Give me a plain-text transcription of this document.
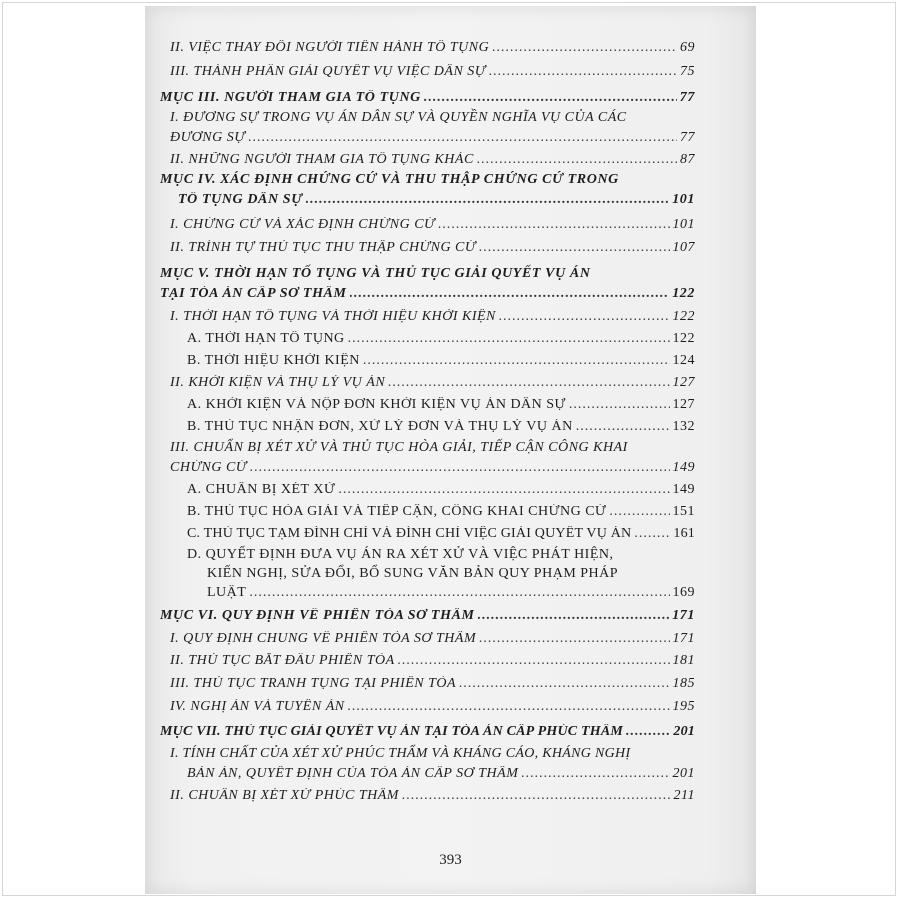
II. VIỆC THAY ĐỔI NGƯỜI TIẾN HÀNH TỐ TỤNG .....	69
III. THÀNH PHẦN GIẢI QUYẾT VỤ VIỆC DÂN SỰ .....	75
MỤC III. NGƯỜI THAM GIA TỐ TỤNG .....	77
I. ĐƯƠNG SỰ TRONG VỤ ÁN DÂN SỰ VÀ QUYỀN NGHĨA VỤ CỦA CÁC
ĐƯƠNG SỰ .....	77
II. NHỮNG NGƯỜI THAM GIA TỐ TỤNG KHÁC .....	87
MỤC IV. XÁC ĐỊNH CHỨNG CỨ VÀ THU THẬP CHỨNG CỨ TRONG
TỐ TỤNG DÂN SỰ .....	101
I. CHỨNG CỨ VÀ XÁC ĐỊNH CHỨNG CỨ .....	101
II. TRÌNH TỰ THỦ TỤC THU THẬP CHỨNG CỨ .....	107
MỤC V. THỜI HẠN TỐ TỤNG VÀ THỦ TỤC GIẢI QUYẾT VỤ ÁN
TẠI TÒA ÁN CẤP SƠ THẨM .....	122
I. THỜI HẠN TỐ TỤNG VÀ THỜI HIỆU KHỞI KIỆN .....	122
A. THỜI HẠN TỐ TỤNG .....	122
B. THỜI HIỆU KHỞI KIỆN .....	124
II. KHỞI KIỆN VÀ THỤ LÝ VỤ ÁN .....	127
A. KHỞI KIỆN VÀ NỘP ĐƠN KHỞI KIỆN VỤ ÁN DÂN SỰ .....	127
B. THỦ TỤC NHẬN ĐƠN, XỬ LÝ ĐƠN VÀ THỤ LÝ VỤ ÁN .....	132
III. CHUẨN BỊ XÉT XỬ VÀ THỦ TỤC HÒA GIẢI, TIẾP CẬN CÔNG KHAI
CHỨNG CỨ .....	149
A. CHUẨN BỊ XÉT XỬ .....	149
B. THỦ TỤC HÒA GIẢI VÀ TIẾP CẬN, CÔNG KHAI CHỨNG CỨ .....	151
C. THỦ TỤC TẠM ĐÌNH CHỈ VÀ ĐÌNH CHỈ VIỆC GIẢI QUYẾT VỤ ÁN .....	161
D. QUYẾT ĐỊNH ĐƯA VỤ ÁN RA XÉT XỬ VÀ VIỆC PHÁT HIỆN,
KIẾN NGHỊ, SỬA ĐỔI, BỔ SUNG VĂN BẢN QUY PHẠM PHÁP
LUẬT .....	169
MỤC VI. QUY ĐỊNH VỀ PHIÊN TÒA SƠ THẨM .....	171
I. QUY ĐỊNH CHUNG VỀ PHIÊN TÒA SƠ THẨM .....	171
II. THỦ TỤC BẮT ĐẦU PHIÊN TÒA .....	181
III. THỦ TỤC TRANH TỤNG TẠI PHIÊN TÒA .....	185
IV. NGHỊ ÁN VÀ TUYÊN ÁN .....	195
MỤC VII. THỦ TỤC GIẢI QUYẾT VỤ ÁN TẠI TÒA ÁN CẤP PHÚC THẨM .....	201
I. TÍNH CHẤT CỦA XÉT XỬ PHÚC THẨM VÀ KHÁNG CÁO, KHÁNG NGHỊ
BẢN ÁN, QUYẾT ĐỊNH CỦA TÒA ÁN CẤP SƠ THẨM .....	201
II. CHUẨN BỊ XÉT XỬ PHÚC THẨM .....	211
393
